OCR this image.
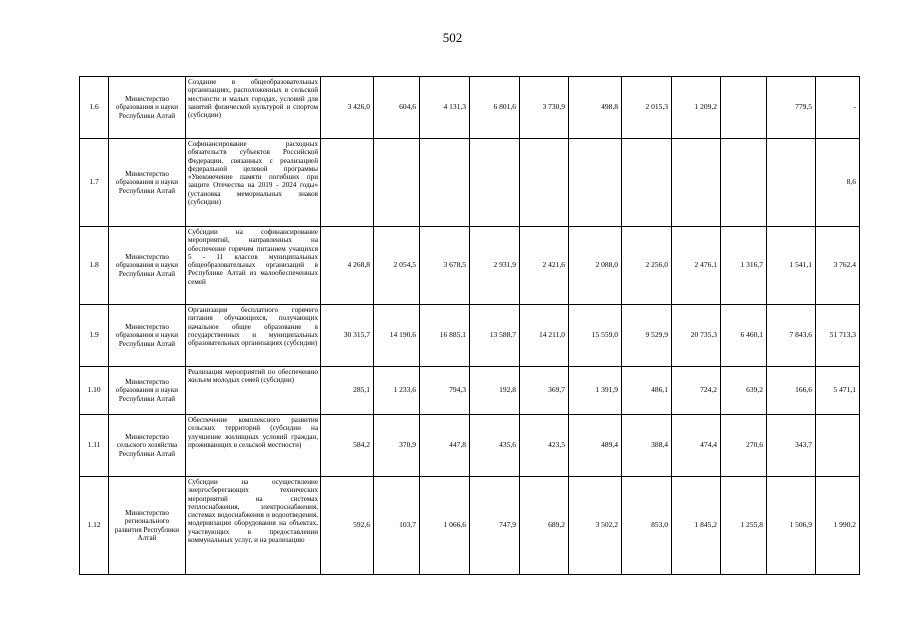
502
1.6	Министерство образования и науки Республики Алтай	Создание в общеобразовательных организациях, расположенных в сельской местности и малых городах, условий для занятий физической культурой и спортом (субсидии)	3 426,0	604,6	4 131,3	6 801,6	3 730,9	498,8	2 015,3	1 209,2		779,5	-
1.7	Министерство образования и науки Республики Алтай	Софинансирование расходных обязательств субъектов Российской Федерации, связанных с реализацией федеральной целевой программы «Увековечение памяти погибших при защите Отечества на 2019 - 2024 годы» (установка мемориальных знаков (субсидии)											8,6
1.8	Министерство образования и науки Республики Алтай	Субсидии на софинансирование мероприятий, направленных на обеспечение горячим питанием учащихся 5 - 11 классов муниципальных общеобразовательных организаций в Республике Алтай из малообеспеченных семей	4 268,8	2 054,5	3 678,5	2 931,9	2 421,6	2 088,0	2 256,0	2 476,1	1 316,7	1 541,1	3 762,4
1.9	Министерство образования и науки Республики Алтай	Организация бесплатного горячего питания обучающихся, получающих начальное общее образование в государственных и муниципальных образовательных организациях (субсидии)	30 315,7	14 190,6	16 885,1	13 588,7	14 211,0	15 559,0	9 529,9	20 735,3	6 460,1	7 843,6	51 713,3
1.10	Министерство образования и науки Республики Алтай	Реализация мероприятий по обеспечению жильем молодых семей (субсидии)	285,1	1 233,6	794,3	192,8	369,7	1 391,9	486,1	724,2	639,2	166,6	5 471,1
1.11	Министерство сельского хозяйства Республики Алтай	Обеспечение комплексного развития сельских территорий (субсидии на улучшение жилищных условий граждан, проживающих в сельской местности)	584,2	370,9	447,8	435,6	423,5	489,4	388,4	474,4	270,6	343,7	
1.12	Министерство регионального развития Республики Алтай	Субсидии на осуществление энергосберегающих технических мероприятий на системах теплоснабжения, электроснабжения, системах водоснабжения и водоотведения, модернизации оборудования на объектах, участвующих в предоставлении коммунальных услуг, и на реализацию	592,6	103,7	1 066,6	747,9	689,2	3 502,2	853,0	1 845,2	1 255,8	1 506,9	1 990,2
